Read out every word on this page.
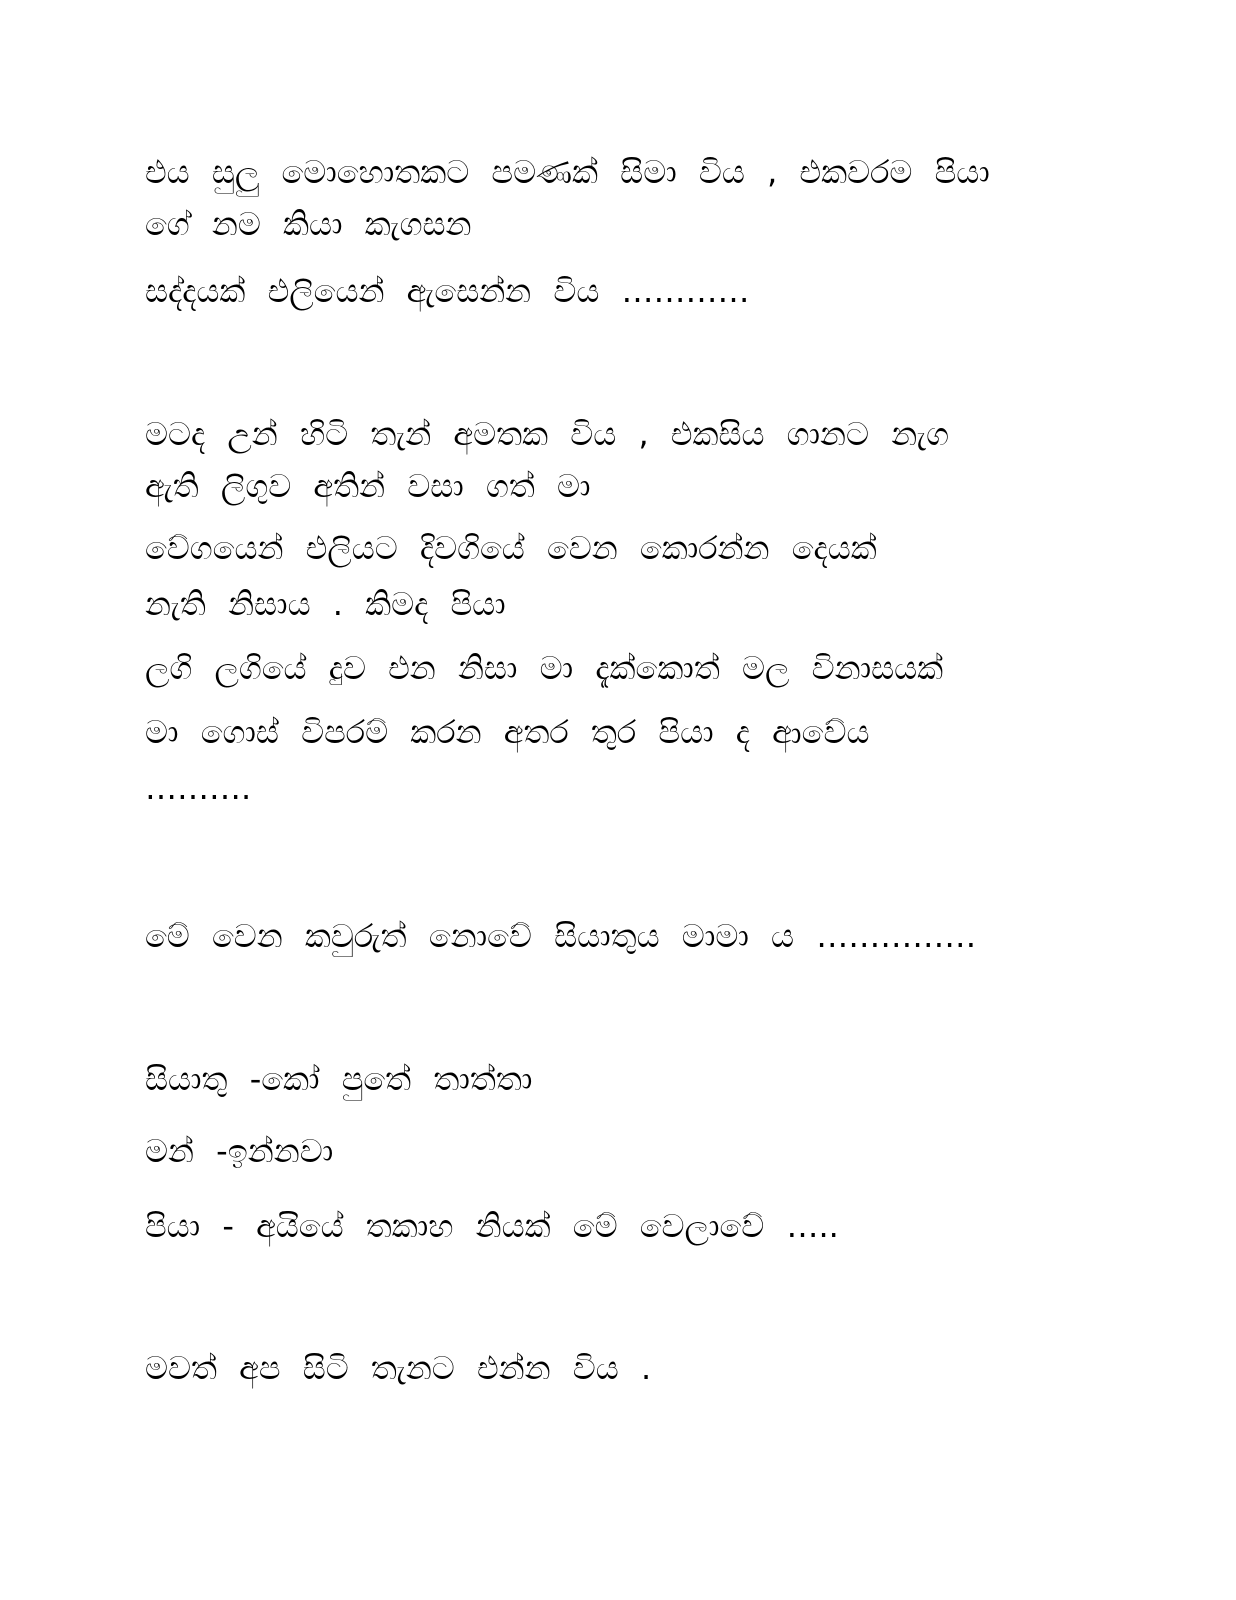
එය සුලු මොහොතකට පමණක් සිමා විය , එකවරම පියා

ගේ නම කියා කැගසන

සද්දයක් එලියෙන් ඇසෙන්න විය …………

මටද උන් හිටි තැන් අමතක විය , එකසිය ගානට නැග

ඇති ලිගුව අතින් වසා ගත් මා

වේගයෙන් එලියට දිවගියේ වෙන කොරන්න දෙයක්

නැති නිසාය . කිමද පියා

ලගි ලගියේ දුව එන නිසා මා දැක්කොත් මල විනාසයක්

මා ගොස් විපරම් කරන අතර තුර පියා ද ආවේය

……….

මේ වෙන කවුරුත් නොවේ සියාතුය මාමා ය ……………

සියාතු -කෝ පුතේ තාත්තා

මන් -ඉන්නවා

පියා - අයියේ තකාහ නියක් මේ වෙලාවේ …..

මවත් අප සිටි තැනට එන්න විය .
